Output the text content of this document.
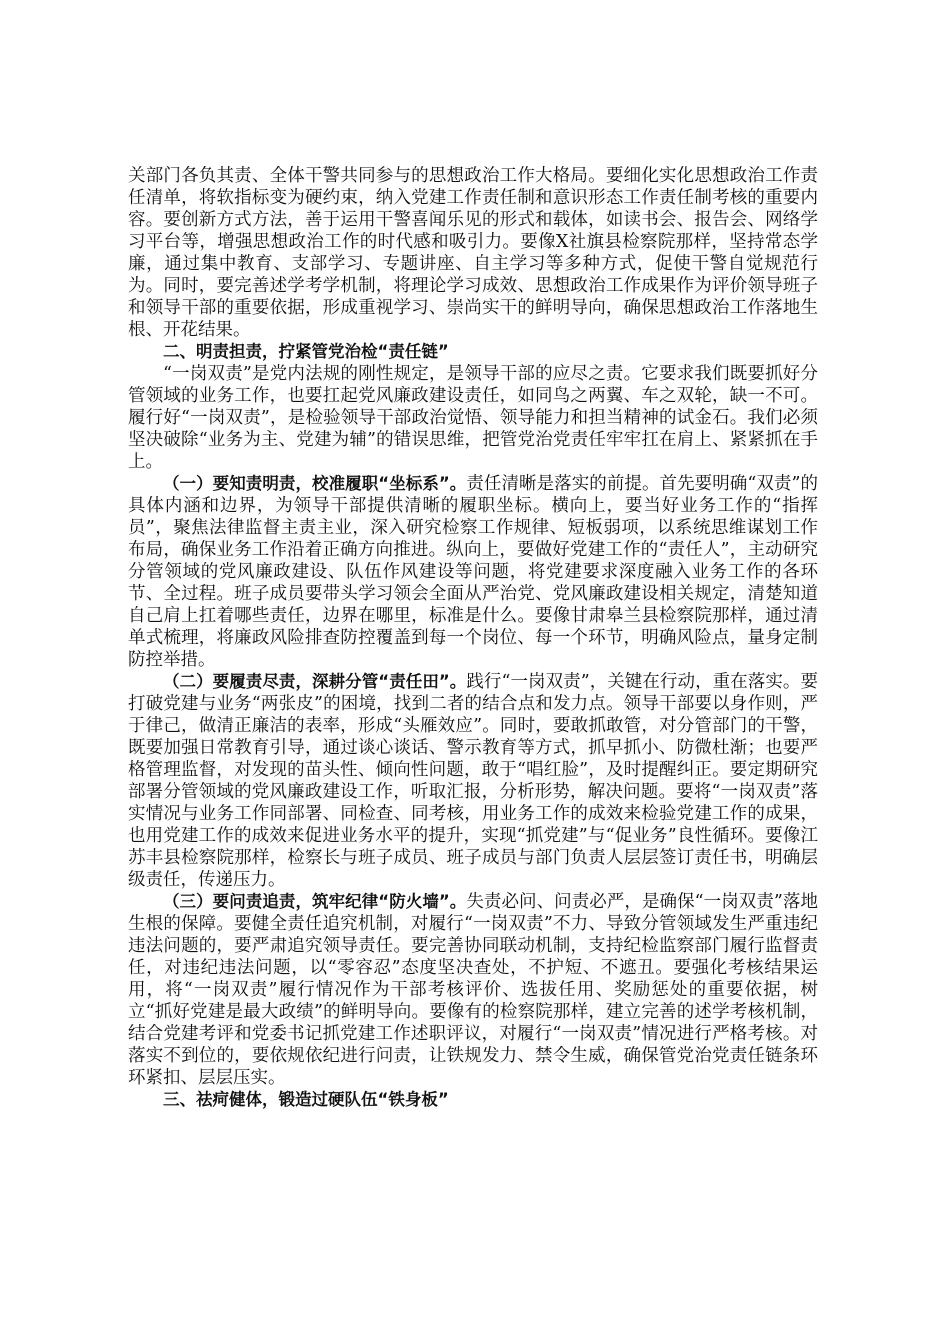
关部门各负其责、全体干警共同参与的思想政治工作大格局。要细化实化思想政治工作责任清单，将软指标变为硬约束，纳入党建工作责任制和意识形态工作责任制考核的重要内容。要创新方式方法，善于运用干警喜闻乐见的形式和载体，如读书会、报告会、网络学习平台等，增强思想政治工作的时代感和吸引力。要像X社旗县检察院那样，坚持常态学廉，通过集中教育、支部学习、专题讲座、自主学习等多种方式，促使干警自觉规范行为。同时，要完善述学考学机制，将理论学习成效、思想政治工作成果作为评价领导班子和领导干部的重要依据，形成重视学习、崇尚实干的鲜明导向，确保思想政治工作落地生根、开花结果。

二、明责担责，拧紧管党治检“责任链”

“一岗双责”是党内法规的刚性规定，是领导干部的应尽之责。它要求我们既要抓好分管领域的业务工作，也要扛起党风廉政建设责任，如同鸟之两翼、车之双轮，缺一不可。履行好“一岗双责”，是检验领导干部政治觉悟、领导能力和担当精神的试金石。我们必须坚决破除“业务为主、党建为辅”的错误思维，把管党治党责任牢牢扛在肩上、紧紧抓在手上。

（一）要知责明责，校准履职“坐标系”。责任清晰是落实的前提。首先要明确“双责”的具体内涵和边界，为领导干部提供清晰的履职坐标。横向上，要当好业务工作的“指挥员”，聚焦法律监督主责主业，深入研究检察工作规律、短板弱项，以系统思维谋划工作布局，确保业务工作沿着正确方向推进。纵向上，要做好党建工作的“责任人”，主动研究分管领域的党风廉政建设、队伍作风建设等问题，将党建要求深度融入业务工作的各环节、全过程。班子成员要带头学习领会全面从严治党、党风廉政建设相关规定，清楚知道自己肩上扛着哪些责任，边界在哪里，标准是什么。要像甘肃皋兰县检察院那样，通过清单式梳理，将廉政风险排查防控覆盖到每一个岗位、每一个环节，明确风险点，量身定制防控举措。

（二）要履责尽责，深耕分管“责任田”。践行“一岗双责”，关键在行动，重在落实。要打破党建与业务“两张皮”的困境，找到二者的结合点和发力点。领导干部要以身作则，严于律己，做清正廉洁的表率，形成“头雁效应”。同时，要敢抓敢管，对分管部门的干警，既要加强日常教育引导，通过谈心谈话、警示教育等方式，抓早抓小、防微杜渐；也要严格管理监督，对发现的苗头性、倾向性问题，敢于“唱红脸”，及时提醒纠正。要定期研究部署分管领域的党风廉政建设工作，听取汇报，分析形势，解决问题。要将“一岗双责”落实情况与业务工作同部署、同检查、同考核，用业务工作的成效来检验党建工作的成果，也用党建工作的成效来促进业务水平的提升，实现“抓党建”与“促业务”良性循环。要像江苏丰县检察院那样，检察长与班子成员、班子成员与部门负责人层层签订责任书，明确层级责任，传递压力。

（三）要问责追责，筑牢纪律“防火墙”。失责必问、问责必严，是确保“一岗双责”落地生根的保障。要健全责任追究机制，对履行“一岗双责”不力、导致分管领域发生严重违纪违法问题的，要严肃追究领导责任。要完善协同联动机制，支持纪检监察部门履行监督责任，对违纪违法问题，以“零容忍”态度坚决查处，不护短、不遮丑。要强化考核结果运用，将“一岗双责”履行情况作为干部考核评价、选拔任用、奖励惩处的重要依据，树立“抓好党建是最大政绩”的鲜明导向。要像有的检察院那样，建立完善的述学考核机制，结合党建考评和党委书记抓党建工作述职评议，对履行“一岗双责”情况进行严格考核。对落实不到位的，要依规依纪进行问责，让铁规发力、禁令生威，确保管党治党责任链条环环紧扣、层层压实。

三、祛疴健体，锻造过硬队伍“铁身板”
